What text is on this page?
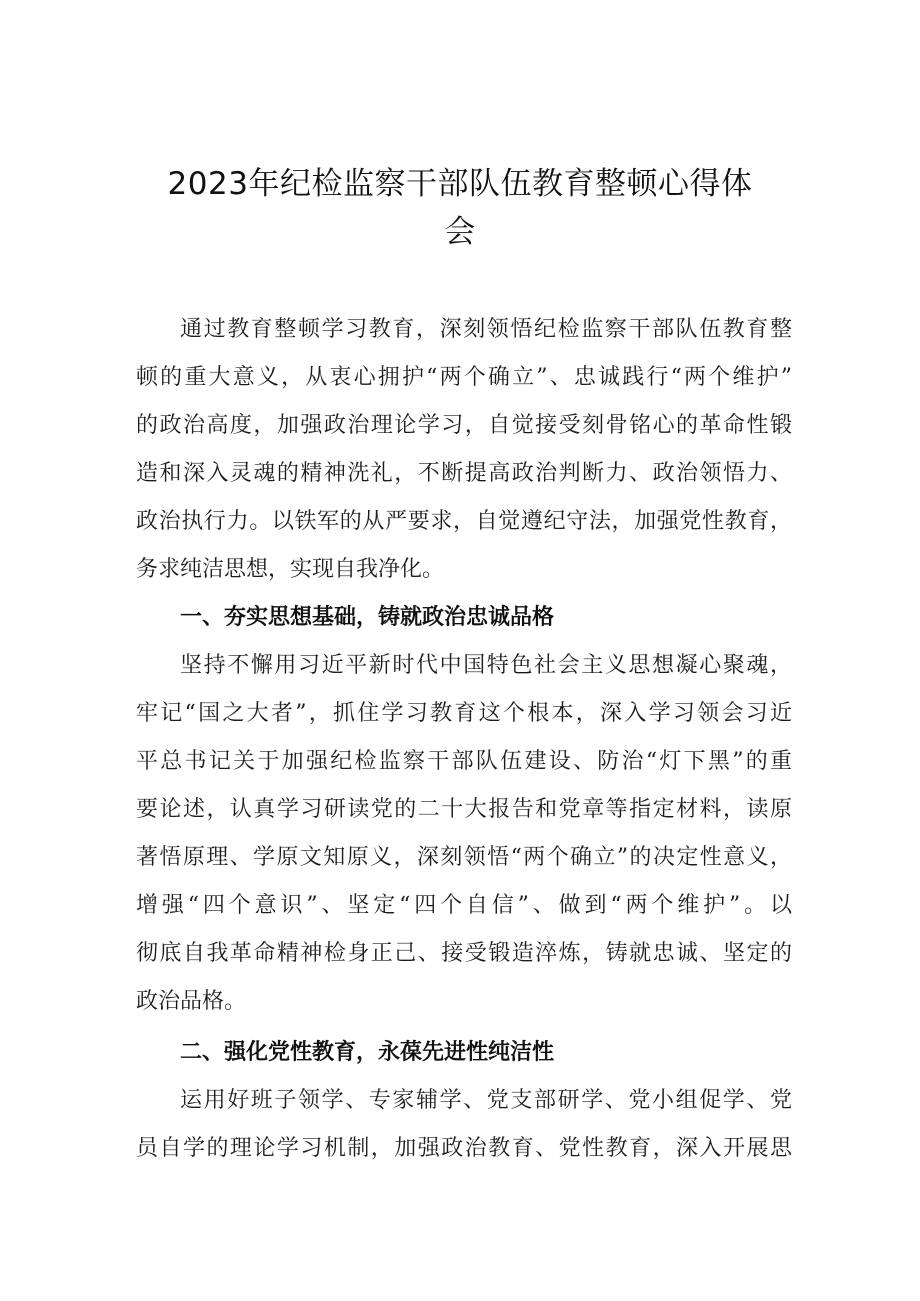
2023年纪检监察干部队伍教育整顿心得体
会
通过教育整顿学习教育，深刻领悟纪检监察干部队伍教育整
顿的重大意义，从衷心拥护“两个确立”、忠诚践行“两个维护”
的政治高度，加强政治理论学习，自觉接受刻骨铭心的革命性锻
造和深入灵魂的精神洗礼，不断提高政治判断力、政治领悟力、
政治执行力。以铁军的从严要求，自觉遵纪守法，加强党性教育，
务求纯洁思想，实现自我净化。
一、夯实思想基础，铸就政治忠诚品格
坚持不懈用习近平新时代中国特色社会主义思想凝心聚魂，
牢记“国之大者”，抓住学习教育这个根本，深入学习领会习近
平总书记关于加强纪检监察干部队伍建设、防治“灯下黑”的重
要论述，认真学习研读党的二十大报告和党章等指定材料，读原
著悟原理、学原文知原义，深刻领悟“两个确立”的决定性意义，
增强“四个意识”、坚定“四个自信”、做到“两个维护”。以
彻底自我革命精神检身正己、接受锻造淬炼，铸就忠诚、坚定的
政治品格。
二、强化党性教育，永葆先进性纯洁性
运用好班子领学、专家辅学、党支部研学、党小组促学、党
员自学的理论学习机制，加强政治教育、党性教育，深入开展思
